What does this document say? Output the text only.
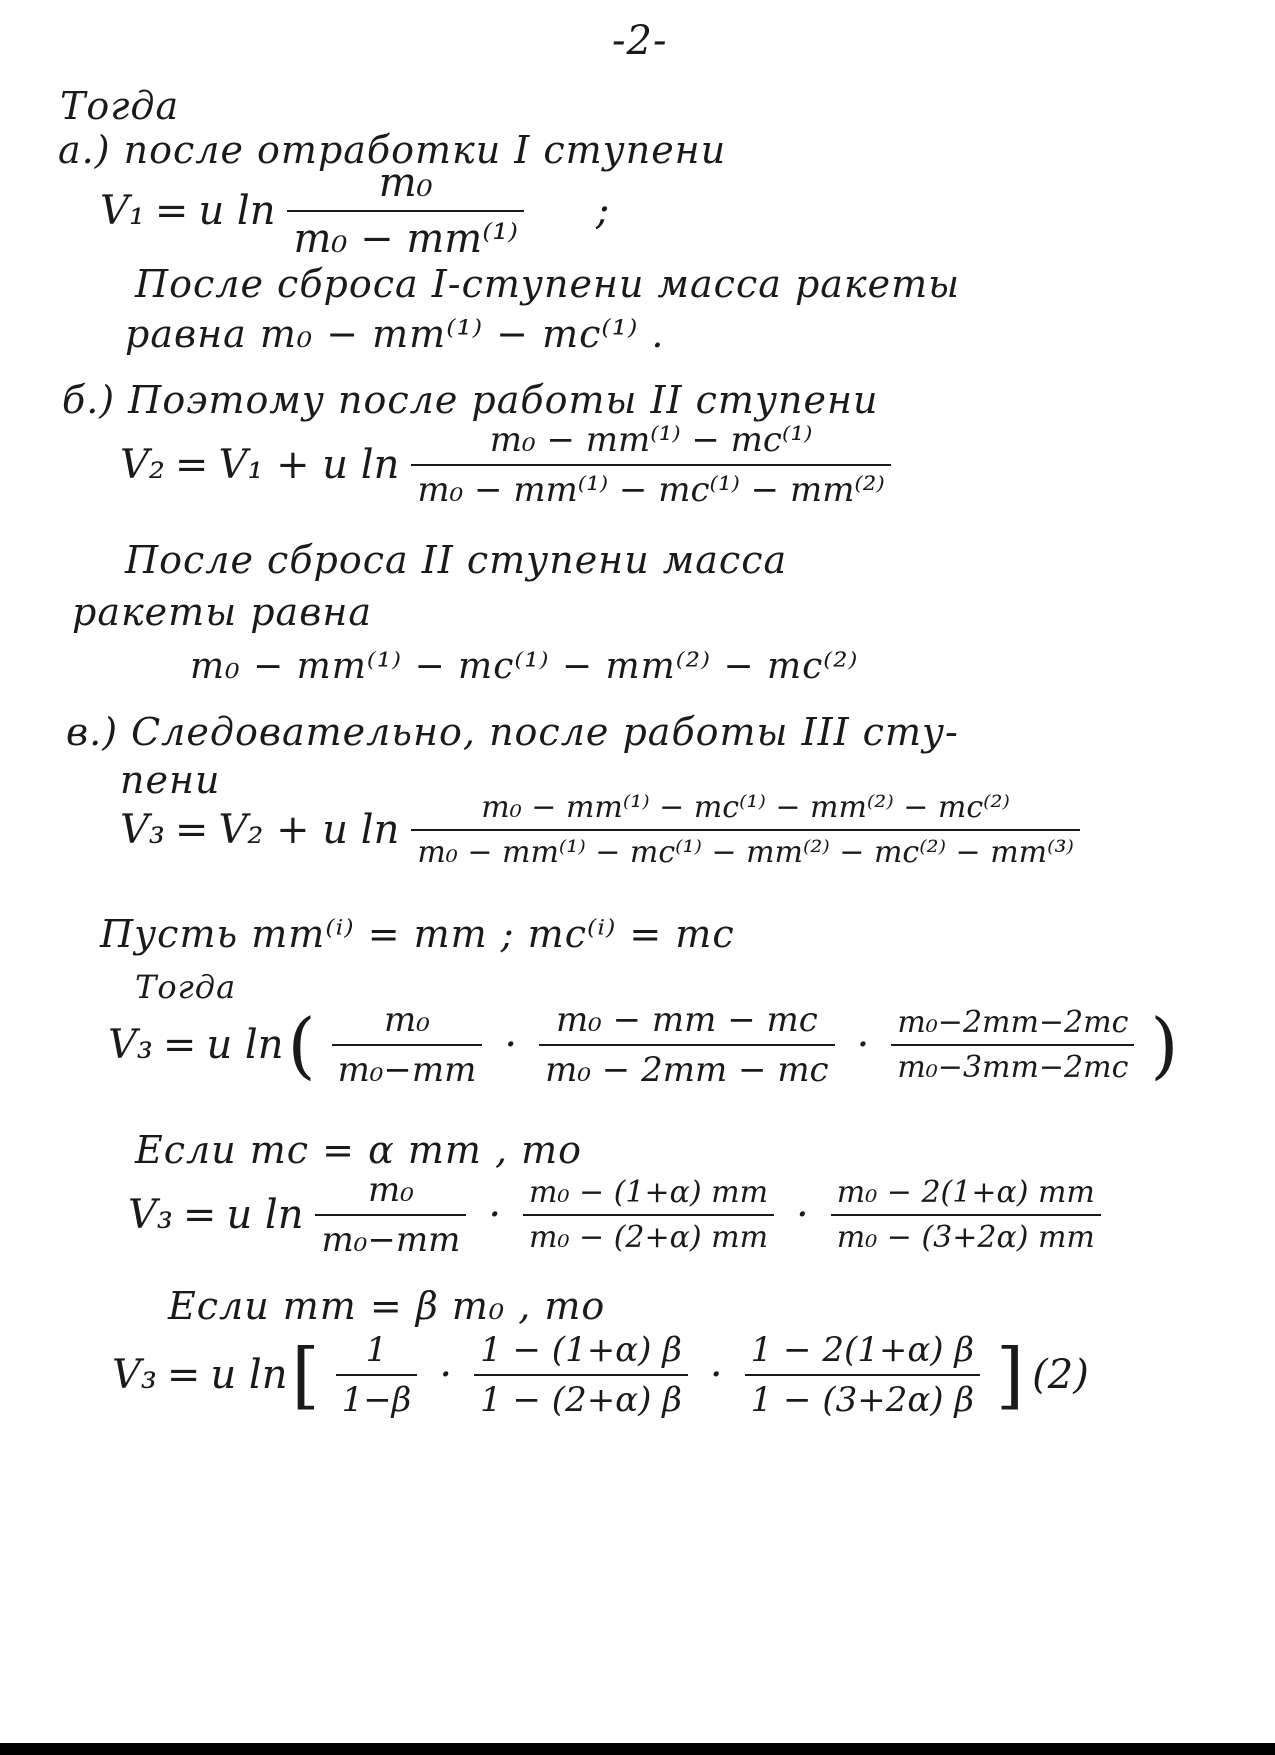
-2-
Тогда
а.) после отработки I ступени
V₁ = u $\ln \frac{\text{m₀}}{\text{m₀ − mт⁽¹⁾}}$ ;
После сброса I-ступени масса ракеты
равна m₀ − mт⁽¹⁾ − mс⁽¹⁾ .
б.) Поэтому после работы II ступени
V₂ = V₁ + u $\ln \frac{\text{m₀ − mт⁽¹⁾ − mс⁽¹⁾}}{\text{m₀ − mт⁽¹⁾ − mс⁽¹⁾ − mт⁽²⁾}}$
После сброса II ступени масса
ракеты равна
m₀ − mт⁽¹⁾ − mс⁽¹⁾ − mт⁽²⁾ − mс⁽²⁾
в.) Следовательно, после работы III сту-
пени
V₃ = V₂ + u $\ln \frac{\text{m₀ − mт⁽¹⁾ − mс⁽¹⁾ − mт⁽²⁾ − mс⁽²⁾}}{\text{m₀ − mт⁽¹⁾ − mс⁽¹⁾ − mт⁽²⁾ − mс⁽²⁾ − mт⁽³⁾}}$
Пусть mт⁽ⁱ⁾ = mт ; mс⁽ⁱ⁾ = mс
Тогда
V₃ = u ln ( $\frac{\text{m₀}}{\text{m₀−mт}} \cdot \frac{\text{m₀ − mт − mс}}{\text{m₀ − 2mт − mс}} \cdot \frac{\text{m₀−2mт−2mс}}{\text{m₀−3mт−2mс}}$ )
Если mс = α mт , то
V₃ = u $\ln \frac{\text{m₀}}{\text{m₀−mт}} \cdot \frac{\text{m₀ − (1+α) mт}}{\text{m₀ − (2+α) mт}} \cdot \frac{\text{m₀ − 2(1+α) mт}}{\text{m₀ − (3+2α) mт}}$
Если mт = β m₀ , то
V₃ = u ln [ $\frac{1}{1-\beta} \cdot \frac{1 - (1+\alpha) \beta}{1 - (2+\alpha) \beta} \cdot \frac{1 - 2(1+\alpha) \beta}{1 - (3+2\alpha) \beta}$ ] (2)
